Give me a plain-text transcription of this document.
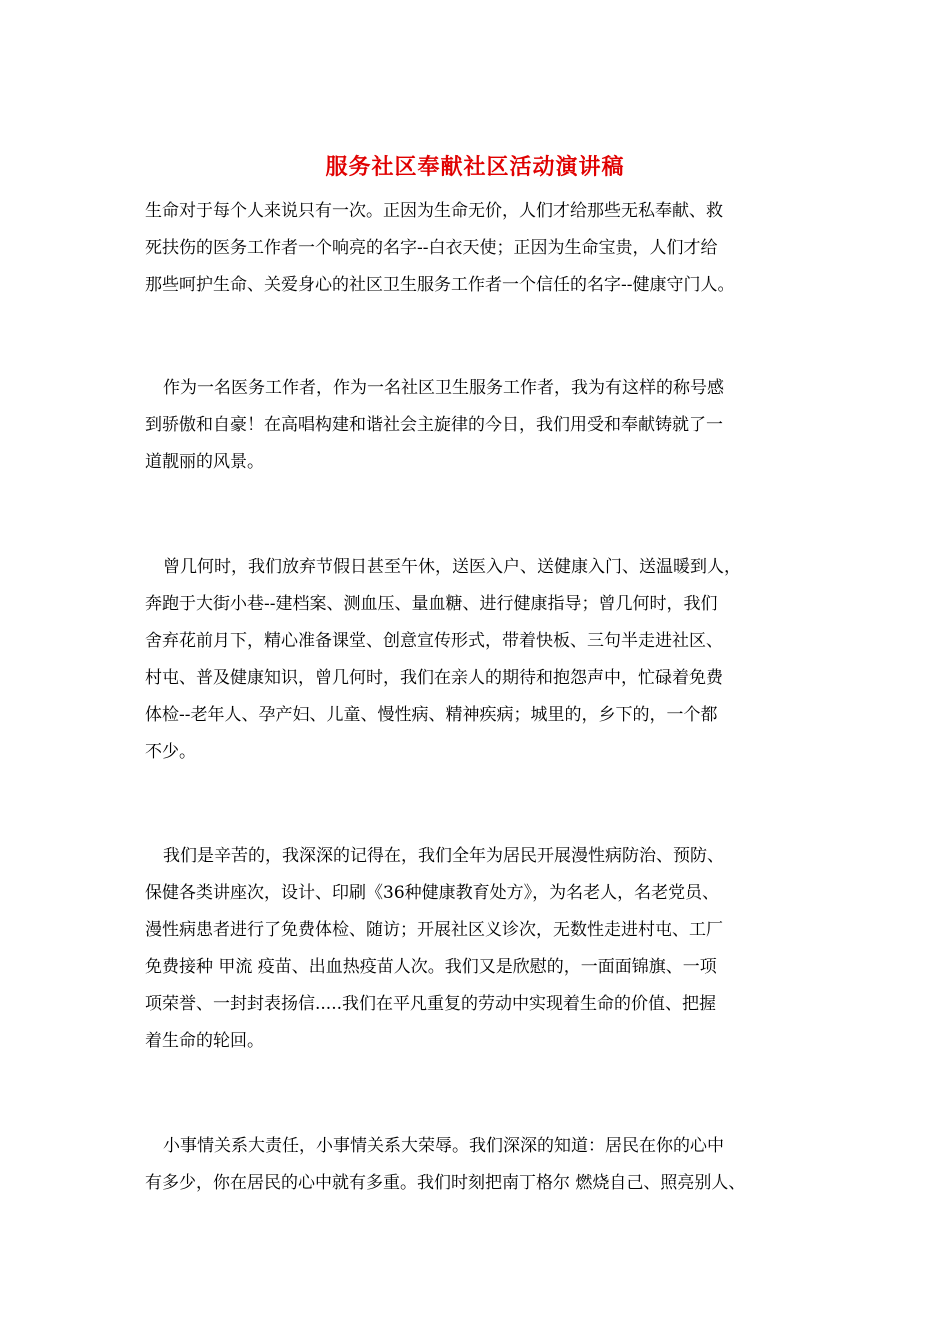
服务社区奉献社区活动演讲稿
生命对于每个人来说只有一次。正因为生命无价，人们才给那些无私奉献、救
死扶伤的医务工作者一个响亮的名字--白衣天使；正因为生命宝贵，人们才给
那些呵护生命、关爱身心的社区卫生服务工作者一个信任的名字--健康守门人。
作为一名医务工作者，作为一名社区卫生服务工作者，我为有这样的称号感
到骄傲和自豪！在高唱构建和谐社会主旋律的今日，我们用受和奉献铸就了一
道靓丽的风景。
曾几何时，我们放弃节假日甚至午休，送医入户、送健康入门、送温暖到人，
奔跑于大街小巷--建档案、测血压、量血糖、进行健康指导；曾几何时，我们
舍弃花前月下，精心准备课堂、创意宣传形式，带着快板、三句半走进社区、
村屯、普及健康知识，曾几何时，我们在亲人的期待和抱怨声中，忙碌着免费
体检--老年人、孕产妇、儿童、慢性病、精神疾病；城里的，乡下的，一个都
不少。
我们是辛苦的，我深深的记得在，我们全年为居民开展漫性病防治、预防、
保健各类讲座次，设计、印刷《36种健康教育处方》，为名老人，名老党员、
漫性病患者进行了免费体检、随访；开展社区义诊次，无数性走进村屯、工厂
免费接种 甲流 疫苗、出血热疫苗人次。我们又是欣慰的，一面面锦旗、一项
项荣誉、一封封表扬信.....我们在平凡重复的劳动中实现着生命的价值、把握
着生命的轮回。
小事情关系大责任，小事情关系大荣辱。我们深深的知道：居民在你的心中
有多少，你在居民的心中就有多重。我们时刻把南丁格尔 燃烧自己、照亮别人、
